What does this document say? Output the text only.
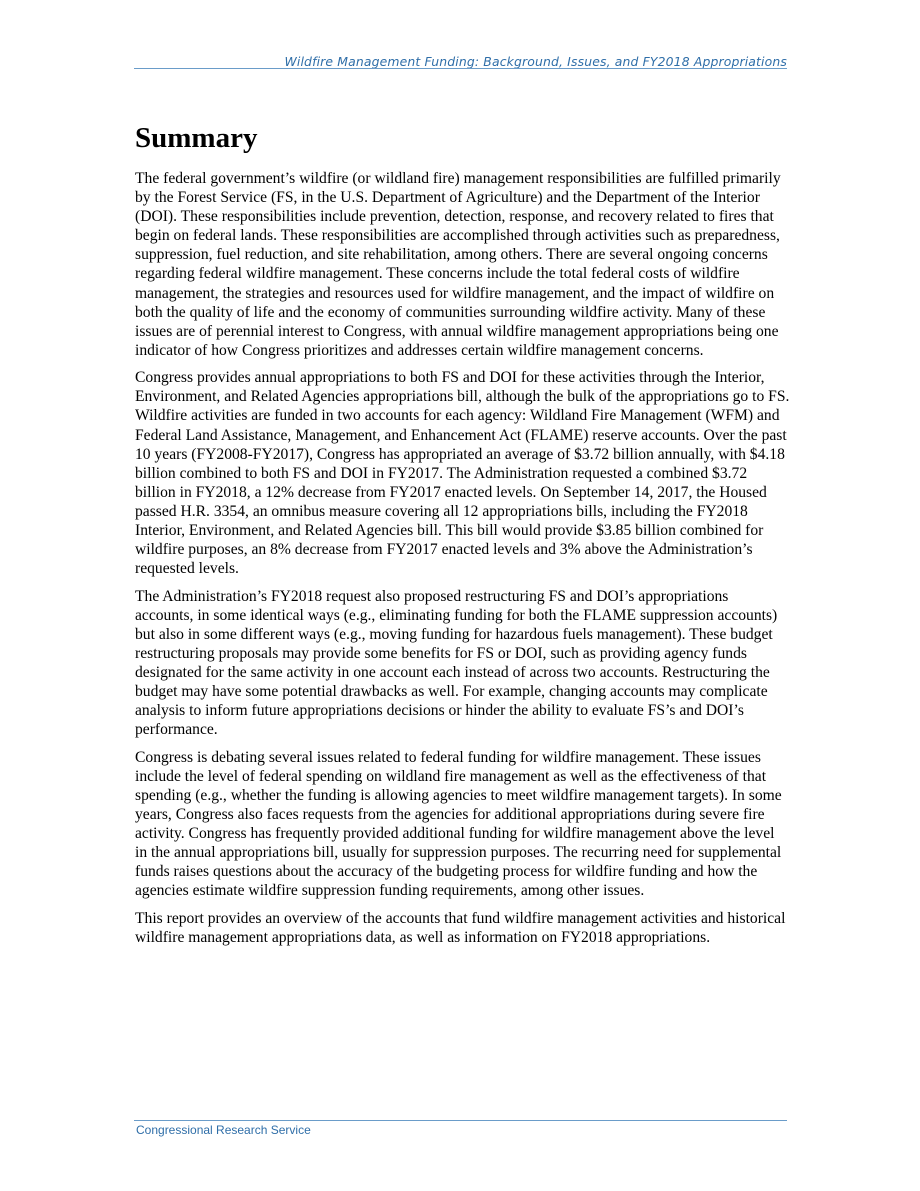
Wildfire Management Funding: Background, Issues, and FY2018 Appropriations
Summary

The federal government’s wildfire (or wildland fire) management responsibilities are fulfilled primarily by the Forest Service (FS, in the U.S. Department of Agriculture) and the Department of the Interior (DOI). These responsibilities include prevention, detection, response, and recovery related to fires that begin on federal lands. These responsibilities are accomplished through activities such as preparedness, suppression, fuel reduction, and site rehabilitation, among others. There are several ongoing concerns regarding federal wildfire management. These concerns include the total federal costs of wildfire management, the strategies and resources used for wildfire management, and the impact of wildfire on both the quality of life and the economy of communities surrounding wildfire activity. Many of these issues are of perennial interest to Congress, with annual wildfire management appropriations being one indicator of how Congress prioritizes and addresses certain wildfire management concerns.

Congress provides annual appropriations to both FS and DOI for these activities through the Interior, Environment, and Related Agencies appropriations bill, although the bulk of the appropriations go to FS. Wildfire activities are funded in two accounts for each agency: Wildland Fire Management (WFM) and Federal Land Assistance, Management, and Enhancement Act (FLAME) reserve accounts. Over the past 10 years (FY2008-FY2017), Congress has appropriated an average of $3.72 billion annually, with $4.18 billion combined to both FS and DOI in FY2017. The Administration requested a combined $3.72 billion in FY2018, a 12% decrease from FY2017 enacted levels. On September 14, 2017, the Housed passed H.R. 3354, an omnibus measure covering all 12 appropriations bills, including the FY2018 Interior, Environment, and Related Agencies bill. This bill would provide $3.85 billion combined for wildfire purposes, an 8% decrease from FY2017 enacted levels and 3% above the Administration’s requested levels.

The Administration’s FY2018 request also proposed restructuring FS and DOI’s appropriations accounts, in some identical ways (e.g., eliminating funding for both the FLAME suppression accounts) but also in some different ways (e.g., moving funding for hazardous fuels management). These budget restructuring proposals may provide some benefits for FS or DOI, such as providing agency funds designated for the same activity in one account each instead of across two accounts. Restructuring the budget may have some potential drawbacks as well. For example, changing accounts may complicate analysis to inform future appropriations decisions or hinder the ability to evaluate FS’s and DOI’s performance.

Congress is debating several issues related to federal funding for wildfire management. These issues include the level of federal spending on wildland fire management as well as the effectiveness of that spending (e.g., whether the funding is allowing agencies to meet wildfire management targets). In some years, Congress also faces requests from the agencies for additional appropriations during severe fire activity. Congress has frequently provided additional funding for wildfire management above the level in the annual appropriations bill, usually for suppression purposes. The recurring need for supplemental funds raises questions about the accuracy of the budgeting process for wildfire funding and how the agencies estimate wildfire suppression funding requirements, among other issues.

This report provides an overview of the accounts that fund wildfire management activities and historical wildfire management appropriations data, as well as information on FY2018 appropriations.

Congressional Research Service
